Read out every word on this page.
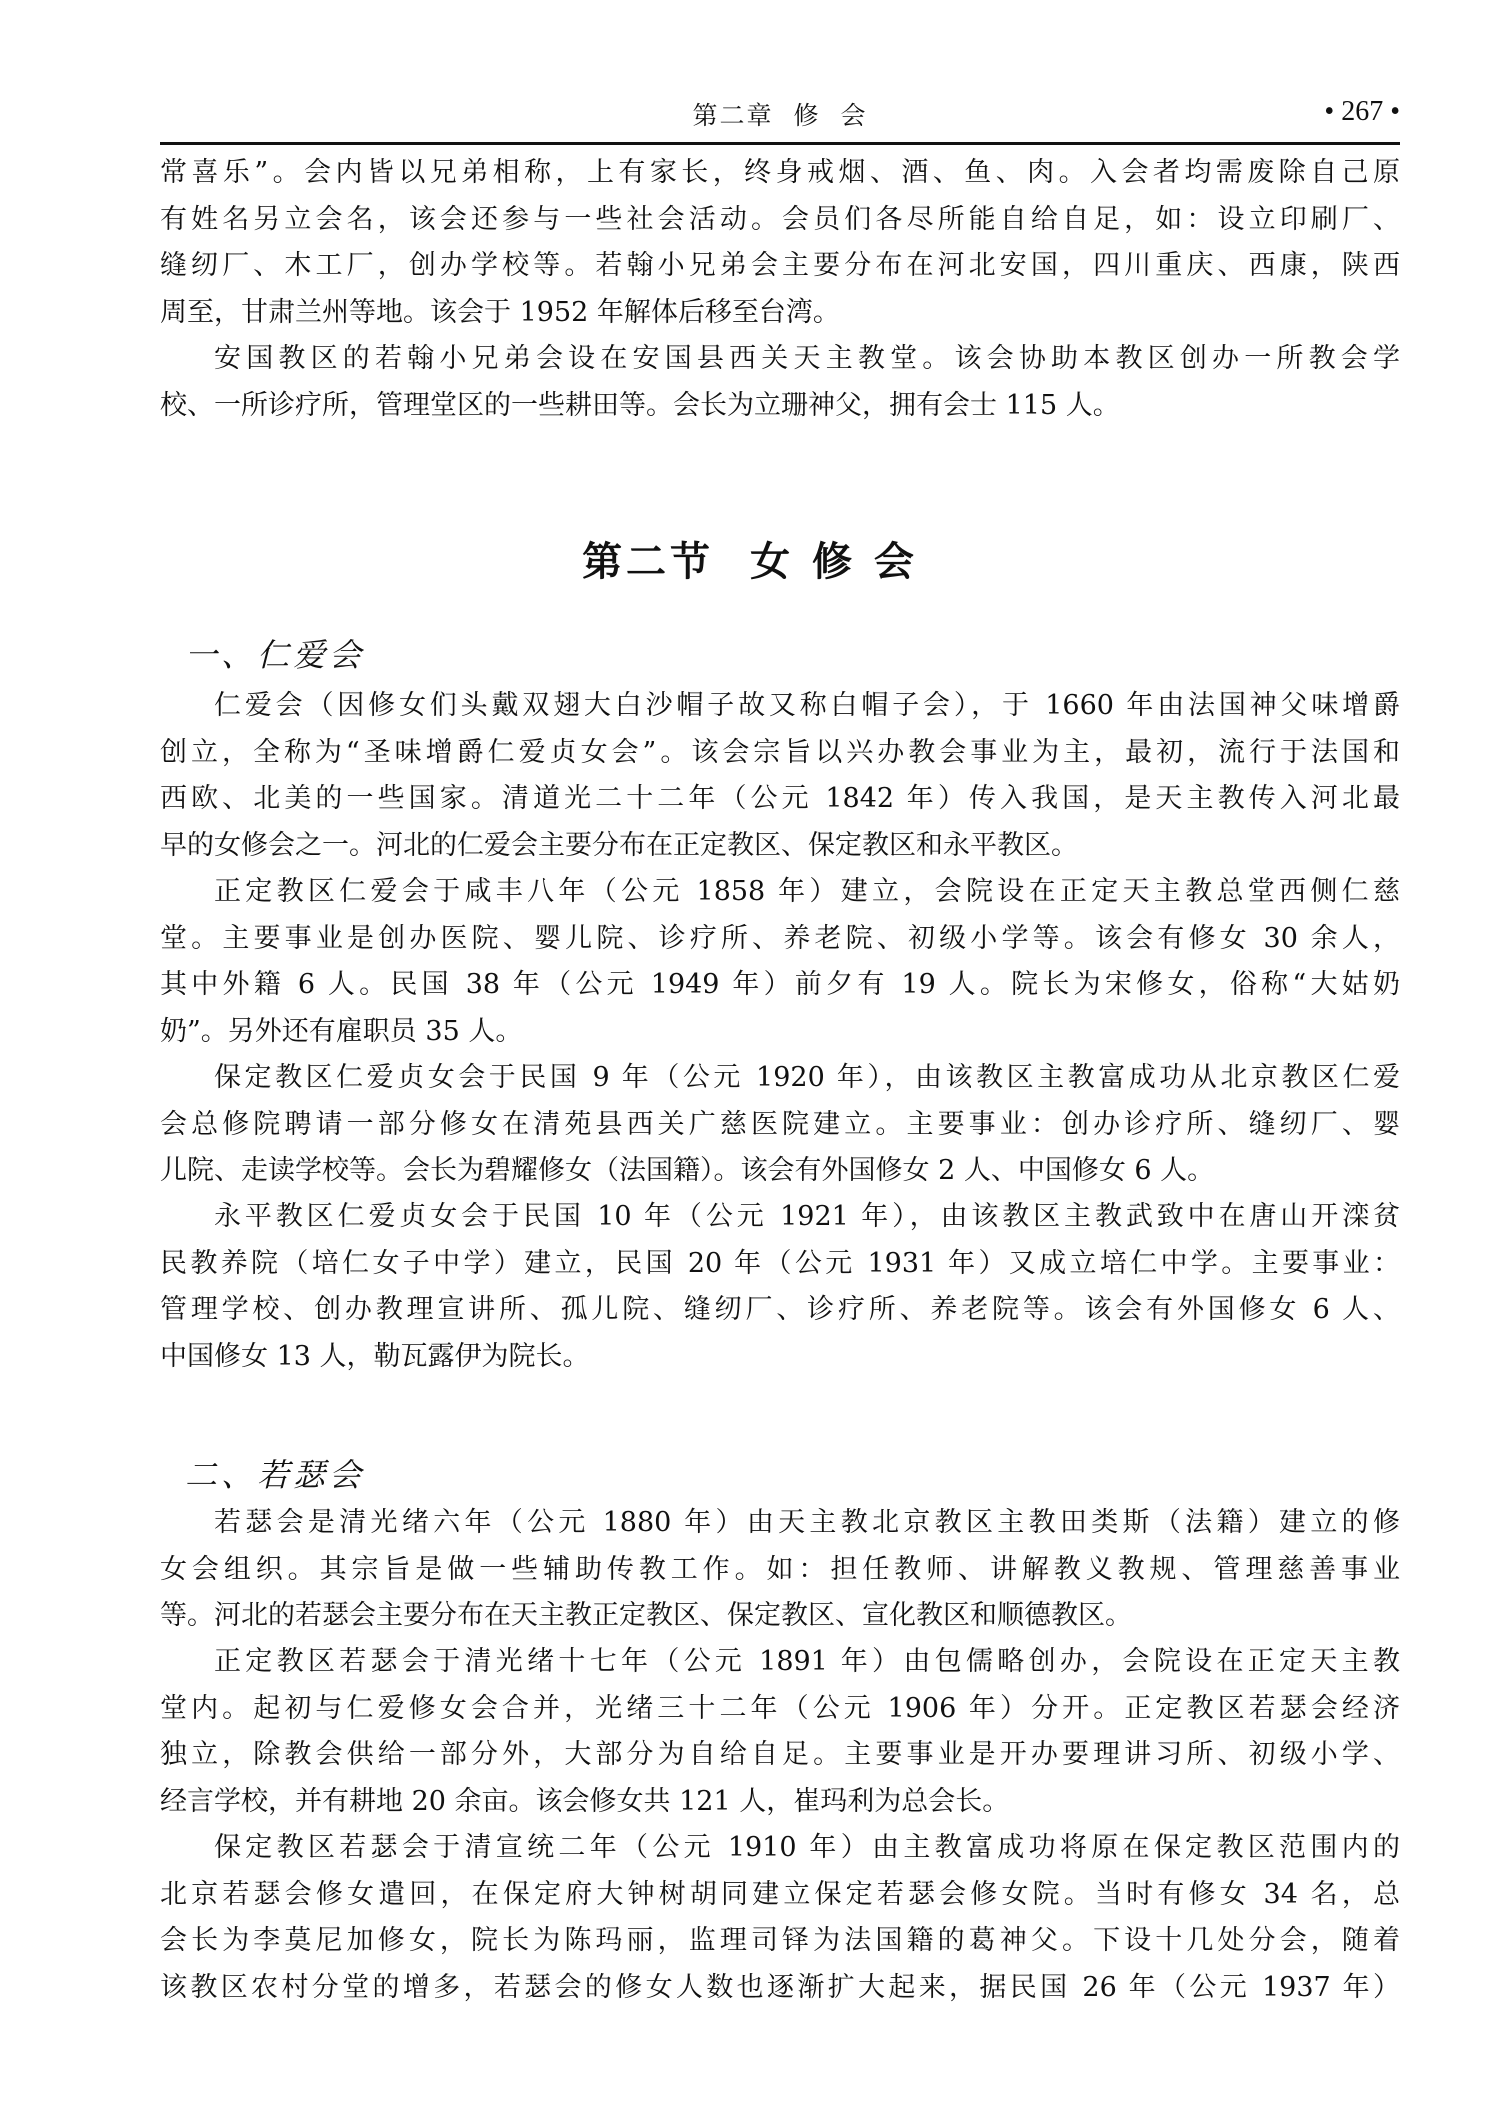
第二章 修 会	• 267 •
常喜乐”。会内皆以兄弟相称，上有家长，终身戒烟、酒、鱼、肉。入会者均需废除自己原
有姓名另立会名，该会还参与一些社会活动。会员们各尽所能自给自足，如：设立印刷厂、
缝纫厂、木工厂，创办学校等。若翰小兄弟会主要分布在河北安国，四川重庆、西康，陕西
周至，甘肃兰州等地。该会于 1952 年解体后移至台湾。
安国教区的若翰小兄弟会设在安国县西关天主教堂。该会协助本教区创办一所教会学
校、一所诊疗所，管理堂区的一些耕田等。会长为立珊神父，拥有会士 115 人。
第二节 女 修 会
一、仁爱会
仁爱会（因修女们头戴双翅大白沙帽子故又称白帽子会），于 1660 年由法国神父味增爵
创立，全称为“圣味增爵仁爱贞女会”。该会宗旨以兴办教会事业为主，最初，流行于法国和
西欧、北美的一些国家。清道光二十二年（公元 1842 年）传入我国，是天主教传入河北最
早的女修会之一。河北的仁爱会主要分布在正定教区、保定教区和永平教区。
正定教区仁爱会于咸丰八年（公元 1858 年）建立，会院设在正定天主教总堂西侧仁慈
堂。主要事业是创办医院、婴儿院、诊疗所、养老院、初级小学等。该会有修女 30 余人，
其中外籍 6 人。民国 38 年（公元 1949 年）前夕有 19 人。院长为宋修女，俗称“大姑奶
奶”。另外还有雇职员 35 人。
保定教区仁爱贞女会于民国 9 年（公元 1920 年），由该教区主教富成功从北京教区仁爱
会总修院聘请一部分修女在清苑县西关广慈医院建立。主要事业：创办诊疗所、缝纫厂、婴
儿院、走读学校等。会长为碧耀修女（法国籍）。该会有外国修女 2 人、中国修女 6 人。
永平教区仁爱贞女会于民国 10 年（公元 1921 年），由该教区主教武致中在唐山开滦贫
民教养院（培仁女子中学）建立，民国 20 年（公元 1931 年）又成立培仁中学。主要事业：
管理学校、创办教理宣讲所、孤儿院、缝纫厂、诊疗所、养老院等。该会有外国修女 6 人、
中国修女 13 人，勒瓦露伊为院长。
二、若瑟会
若瑟会是清光绪六年（公元 1880 年）由天主教北京教区主教田类斯（法籍）建立的修
女会组织。其宗旨是做一些辅助传教工作。如：担任教师、讲解教义教规、管理慈善事业
等。河北的若瑟会主要分布在天主教正定教区、保定教区、宣化教区和顺德教区。
正定教区若瑟会于清光绪十七年（公元 1891 年）由包儒略创办，会院设在正定天主教
堂内。起初与仁爱修女会合并，光绪三十二年（公元 1906 年）分开。正定教区若瑟会经济
独立，除教会供给一部分外，大部分为自给自足。主要事业是开办要理讲习所、初级小学、
经言学校，并有耕地 20 余亩。该会修女共 121 人，崔玛利为总会长。
保定教区若瑟会于清宣统二年（公元 1910 年）由主教富成功将原在保定教区范围内的
北京若瑟会修女遣回，在保定府大钟树胡同建立保定若瑟会修女院。当时有修女 34 名，总
会长为李莫尼加修女，院长为陈玛丽，监理司铎为法国籍的葛神父。下设十几处分会，随着
该教区农村分堂的增多，若瑟会的修女人数也逐渐扩大起来，据民国 26 年（公元 1937 年）
